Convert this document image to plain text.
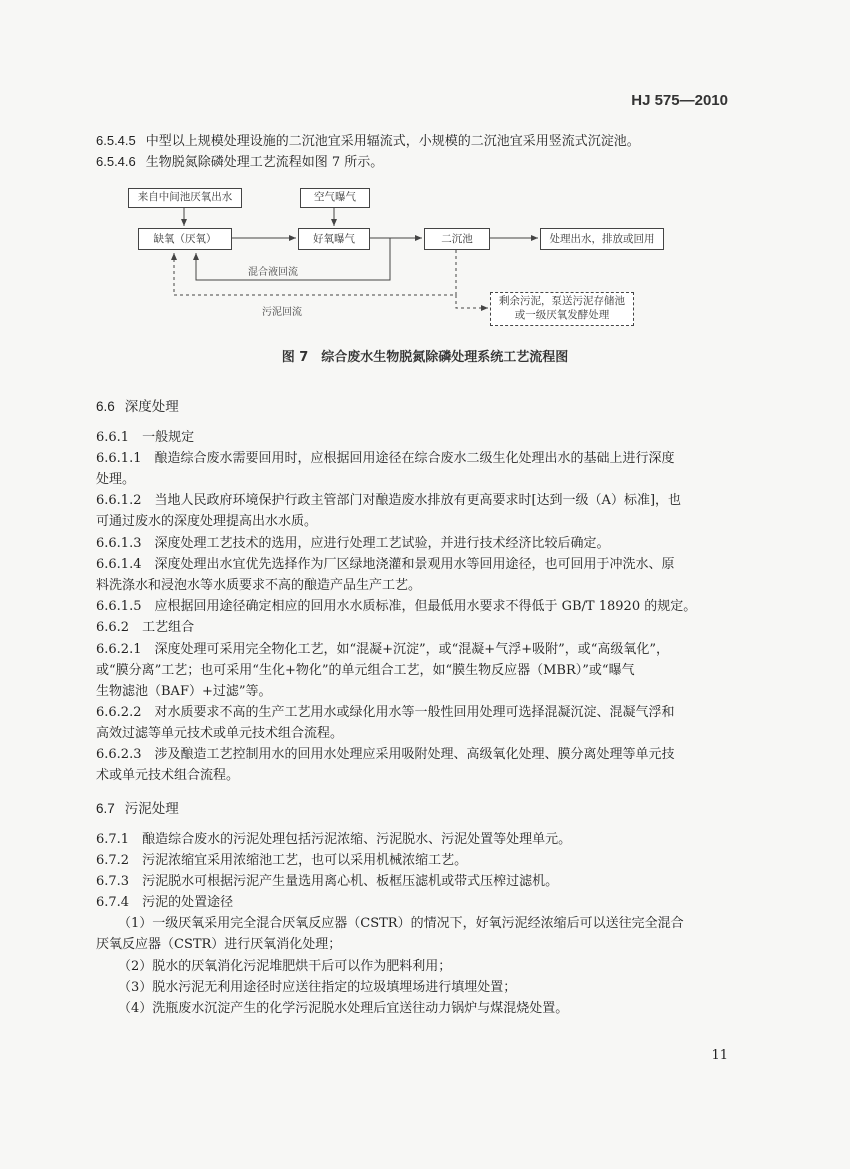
HJ 575—2010
6.5.4.5 中型以上规模处理设施的二沉池宜采用辐流式，小规模的二沉池宜采用竖流式沉淀池。
6.5.4.6 生物脱氮除磷处理工艺流程如图 7 所示。
来自中间池厌氧出水	空气曝气
缺氧（厌氧）	好氧曝气	二沉池	处理出水，排放或回用
剩余污泥，泵送污泥存储池
或一级厌氧发酵处理
混合液回流
污泥回流
图 7　综合废水生物脱氮除磷处理系统工艺流程图
6.6 深度处理
6.6.1　一般规定
6.6.1.1　酿造综合废水需要回用时，应根据回用途径在综合废水二级生化处理出水的基础上进行深度
处理。
6.6.1.2　当地人民政府环境保护行政主管部门对酿造废水排放有更高要求时[达到一级（A）标准]，也
可通过废水的深度处理提高出水水质。
6.6.1.3　深度处理工艺技术的选用，应进行处理工艺试验，并进行技术经济比较后确定。
6.6.1.4　深度处理出水宜优先选择作为厂区绿地浇灌和景观用水等回用途径，也可回用于冲洗水、原
料洗涤水和浸泡水等水质要求不高的酿造产品生产工艺。
6.6.1.5　应根据回用途径确定相应的回用水水质标准，但最低用水要求不得低于 GB/T 18920 的规定。
6.6.2　工艺组合
6.6.2.1　深度处理可采用完全物化工艺，如“混凝+沉淀”，或“混凝+气浮+吸附”，或“高级氧化”，
或“膜分离”工艺；也可采用“生化+物化”的单元组合工艺，如“膜生物反应器（MBR）”或“曝气
生物滤池（BAF）+过滤”等。
6.6.2.2　对水质要求不高的生产工艺用水或绿化用水等一般性回用处理可选择混凝沉淀、混凝气浮和
高效过滤等单元技术或单元技术组合流程。
6.6.2.3　涉及酿造工艺控制用水的回用水处理应采用吸附处理、高级氧化处理、膜分离处理等单元技
术或单元技术组合流程。
6.7 污泥处理
6.7.1　酿造综合废水的污泥处理包括污泥浓缩、污泥脱水、污泥处置等处理单元。
6.7.2　污泥浓缩宜采用浓缩池工艺，也可以采用机械浓缩工艺。
6.7.3　污泥脱水可根据污泥产生量选用离心机、板框压滤机或带式压榨过滤机。
6.7.4　污泥的处置途径
（1）一级厌氧采用完全混合厌氧反应器（CSTR）的情况下，好氧污泥经浓缩后可以送往完全混合
厌氧反应器（CSTR）进行厌氧消化处理；
（2）脱水的厌氧消化污泥堆肥烘干后可以作为肥料利用；
（3）脱水污泥无利用途径时应送往指定的垃圾填埋场进行填埋处置；
（4）洗瓶废水沉淀产生的化学污泥脱水处理后宜送往动力锅炉与煤混烧处置。
11
